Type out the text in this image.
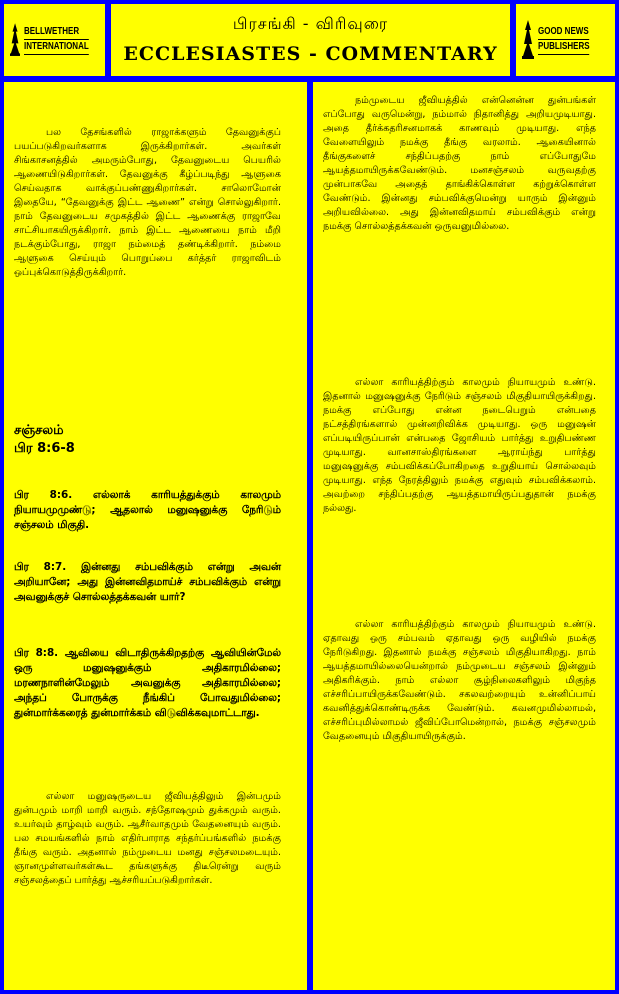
BELLWETHER
INTERNATIONAL
பிரசங்கி - விரிவுரை
ECCLESIASTES - COMMENTARY
GOOD NEWS
PUBLISHERS

பல தேசங்களில் ராஜாக்களும் தேவனுக்குப் பயப்படுகிறவர்களாக இருக்கிறார்கள். அவர்கள் சிங்காசனத்தில் அமரும்போது, தேவனுடைய பெயரில் ஆணையிடுகிறார்கள். தேவனுக்கு கீழ்ப்படிந்து ஆளுகை செய்வதாக வாக்குப்பண்ணுகிறார்கள். சாலொமோன் இதையே, “தேவனுக்கு இட்ட ஆணை” என்று சொல்லுகிறார். நாம் தேவனுடைய சமுகத்தில் இட்ட ஆணைக்கு ராஜாவே சாட்சியாகயிருக்கிறார். நாம் இட்ட ஆணையை நாம் மீறி நடக்கும்போது, ராஜா நம்மைத் தண்டிக்கிறார். நம்மை ஆளுகை செய்யும் பொறுப்பை கர்த்தர் ராஜாவிடம் ஒப்புக்கொடுத்திருக்கிறார்.

சஞ்சலம்
பிர 8:6-8

பிர 8:6. எல்லாக் காரியத்துக்கும் காலமும் நியாயமுமுண்டு; ஆதலால் மனுஷனுக்கு நேரிடும் சஞ்சலம் மிகுதி.

பிர 8:7. இன்னது சம்பவிக்கும் என்று அவன் அறியானே; அது இன்னவிதமாய்ச் சம்பவிக்கும் என்று அவனுக்குச் சொல்லத்தக்கவன் யார்?

பிர 8:8. ஆவியை விடாதிருக்கிறதற்கு ஆவியின்மேல் ஒரு மனுஷனுக்கும் அதிகாரமில்லை; மரணநாளின்மேலும் அவனுக்கு அதிகாரமில்லை; அந்தப் போருக்கு நீங்கிப் போவதுமில்லை; துன்மார்க்கரைத் துன்மார்க்கம் விடுவிக்கவுமாட்டாது.

எல்லா மனுஷருடைய ஜீவியத்திலும் இன்பமும் துன்பமும் மாறி மாறி வரும். சந்தோஷமும் துக்கமும் வரும். உயர்வும் தாழ்வும் வரும். ஆசீர்வாதமும் வேதனையும் வரும். பல சமயங்களில் நாம் எதிர்பாராத சந்தர்ப்பங்களில் நமக்கு தீங்கு வரும். அதனால் நம்முடைய மனது சஞ்சலமடையும். ஞானமுள்ளவர்கள்கூட தங்களுக்கு திடீரென்று வரும் சஞ்சலத்தைப் பார்த்து ஆச்சரியப்படுகிறார்கள்.

நம்முடைய ஜீவியத்தில் என்னென்ன துன்பங்கள் எப்போது வருமென்று, நம்மால் நிதானித்து அறியமுடியாது. அதை தீர்க்கதரிசனமாகக் காணவும் முடியாது. எந்த வேளையிலும் நமக்கு தீங்கு வரலாம். ஆகையினால் தீங்குகளைச் சந்திப்பதற்கு நாம் எப்போதுமே ஆயத்தமாயிருக்கவேண்டும். மனசஞ்சலம் வருவதற்கு முன்பாகவே அதைத் தாங்கிக்கொள்ள கற்றுக்கொள்ள வேண்டும். இன்னது சம்பவிக்குமென்று யாரும் இன்னும் அறியவில்லை. அது இன்னவிதமாய் சம்பவிக்கும் என்று நமக்கு சொல்லத்தக்கவன் ஒருவனுமில்லை.

எல்லா காரியத்திற்கும் காலமும் நியாயமும் உண்டு. இதனால் மனுஷனுக்கு நேரிடும் சஞ்சலம் மிகுதியாயிருக்கிறது. நமக்கு எப்போது என்ன நடைபெறும் என்பதை நட்சத்திரங்களால் முன்னறிவிக்க முடியாது. ஒரு மனுஷன் எப்படியிருப்பான் என்பதை ஜோசியம் பார்த்து உறுதிபண்ண முடியாது. வானசாஸ்திரங்களை ஆராய்ந்து பார்த்து மனுஷனுக்கு சம்பவிக்கப்போகிறதை உறுதியாய் சொல்லவும் முடியாது. எந்த நேரத்திலும் நமக்கு எதுவும் சம்பவிக்கலாம். அவற்றை சந்திப்பதற்கு ஆயத்தமாயிருப்பதுதான் நமக்கு நல்லது.

எல்லா காரியத்திற்கும் காலமும் நியாயமும் உண்டு. ஏதாவது ஒரு சம்பவம் ஏதாவது ஒரு வழியில் நமக்கு நேரிடுகிறது. இதனால் நமக்கு சஞ்சலம் மிகுதியாகிறது. நாம் ஆயத்தமாயில்லையென்றால் நம்முடைய சஞ்சலம் இன்னும் அதிகரிக்கும். நாம் எல்லா சூழ்நிலைகளிலும் மிகுந்த எச்சரிப்பாயிருக்கவேண்டும். சகலவற்றையும் உன்னிப்பாய் கவனித்துக்கொண்டிருக்க வேண்டும். கவனமுமில்லாமல், எச்சரிப்புமில்லாமல் ஜீவிப்போமென்றால், நமக்கு சஞ்சலமும் வேதனையும் மிகுதியாயிருக்கும்.
